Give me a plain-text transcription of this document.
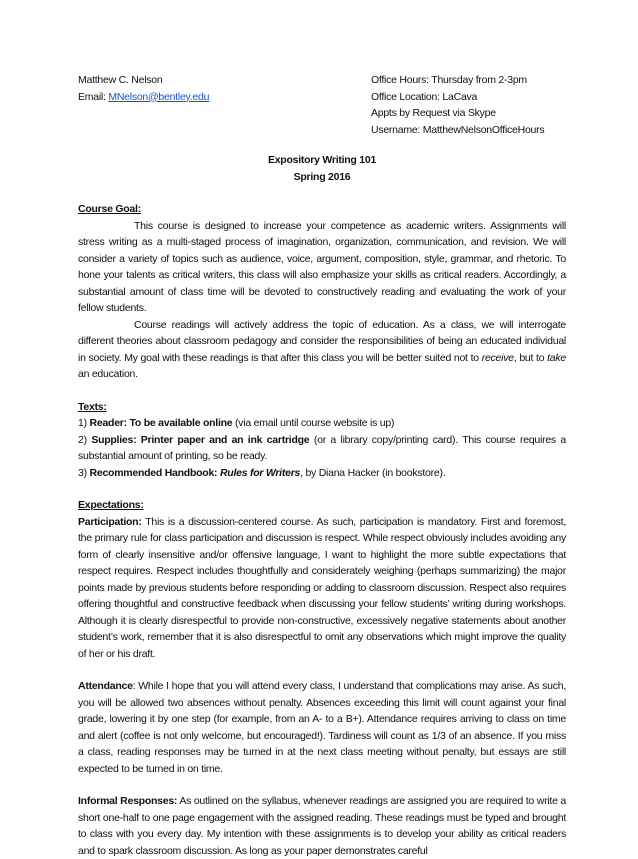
Matthew C. Nelson
Email: MNelson@bentley.edu
Office Hours: Thursday from 2-3pm
Office Location: LaCava
Appts by Request via Skype
Username: MatthewNelsonOfficeHours
Expository Writing 101
Spring 2016
Course Goal:

This course is designed to increase your competence as academic writers. Assignments will stress writing as a multi-staged process of imagination, organization, communication, and revision. We will consider a variety of topics such as audience, voice, argument, composition, style, grammar, and rhetoric. To hone your talents as critical writers, this class will also emphasize your skills as critical readers. Accordingly, a substantial amount of class time will be devoted to constructively reading and evaluating the work of your fellow students.

Course readings will actively address the topic of education. As a class, we will interrogate different theories about classroom pedagogy and consider the responsibilities of being an educated individual in society. My goal with these readings is that after this class you will be better suited not to receive, but to take an education.

Texts:

1) Reader: To be available online (via email until course website is up)

2) Supplies: Printer paper and an ink cartridge (or a library copy/printing card). This course requires a substantial amount of printing, so be ready.

3) Recommended Handbook: Rules for Writers, by Diana Hacker (in bookstore).

Expectations:

Participation: This is a discussion-centered course. As such, participation is mandatory. First and foremost, the primary rule for class participation and discussion is respect. While respect obviously includes avoiding any form of clearly insensitive and/or offensive language, I want to highlight the more subtle expectations that respect requires. Respect includes thoughtfully and considerately weighing (perhaps summarizing) the major points made by previous students before responding or adding to classroom discussion. Respect also requires offering thoughtful and constructive feedback when discussing your fellow students’ writing during workshops. Although it is clearly disrespectful to provide non-constructive, excessively negative statements about another student’s work, remember that it is also disrespectful to omit any observations which might improve the quality of her or his draft.

Attendance: While I hope that you will attend every class, I understand that complications may arise. As such, you will be allowed two absences without penalty. Absences exceeding this limit will count against your final grade, lowering it by one step (for example, from an A- to a B+). Attendance requires arriving to class on time and alert (coffee is not only welcome, but encouraged!). Tardiness will count as 1/3 of an absence. If you miss a class, reading responses may be turned in at the next class meeting without penalty, but essays are still expected to be turned in on time.

Informal Responses: As outlined on the syllabus, whenever readings are assigned you are required to write a short one-half to one page engagement with the assigned reading. These readings must be typed and brought to class with you every day. My intention with these assignments is to develop your ability as critical readers and to spark classroom discussion. As long as your paper demonstrates careful
